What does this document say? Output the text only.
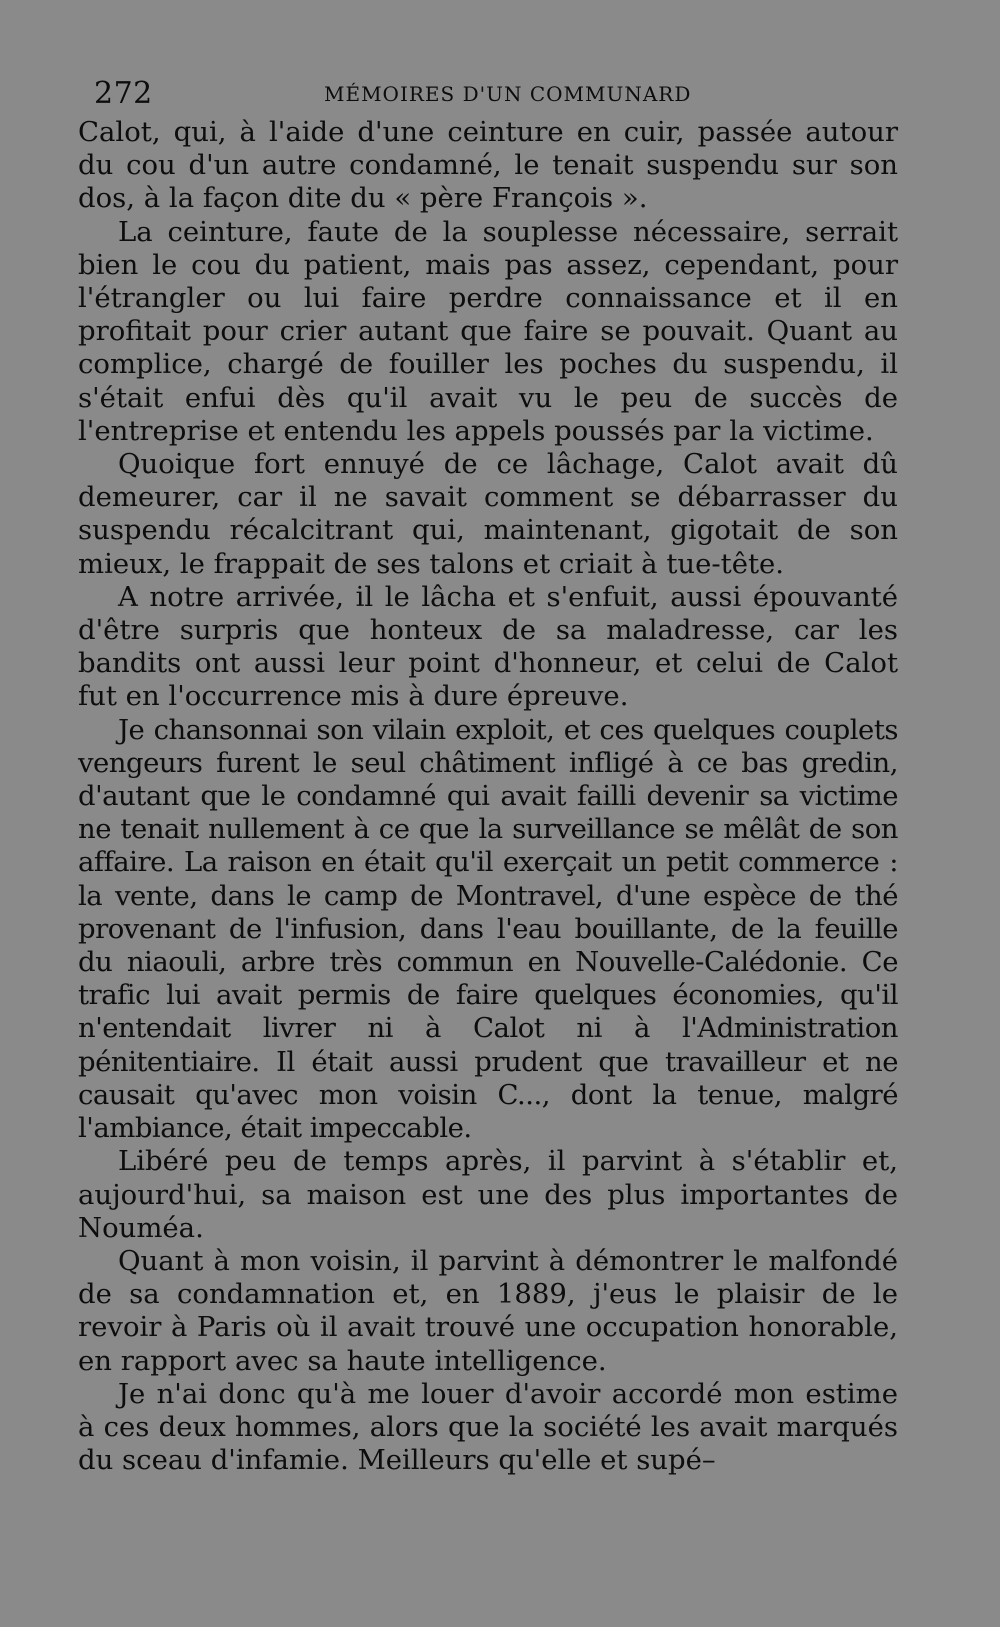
272	MÉMOIRES D'UN COMMUNARD

Calot, qui, à l'aide d'une ceinture en cuir, passée autour du cou d'un autre condamné, le tenait suspendu sur son dos, à la façon dite du « père François ».

La ceinture, faute de la souplesse nécessaire, serrait bien le cou du patient, mais pas assez, cependant, pour l'étrangler ou lui faire perdre connaissance et il en profitait pour crier autant que faire se pouvait. Quant au complice, chargé de fouiller les poches du suspendu, il s'était enfui dès qu'il avait vu le peu de succès de l'entreprise et entendu les appels poussés par la victime.

Quoique fort ennuyé de ce lâchage, Calot avait dû demeurer, car il ne savait comment se débarrasser du suspendu récalcitrant qui, maintenant, gigotait de son mieux, le frappait de ses talons et criait à tue-tête.

A notre arrivée, il le lâcha et s'enfuit, aussi épouvanté d'être surpris que honteux de sa maladresse, car les bandits ont aussi leur point d'honneur, et celui de Calot fut en l'occurrence mis à dure épreuve.

Je chansonnai son vilain exploit, et ces quelques couplets vengeurs furent le seul châtiment infligé à ce bas gredin, d'autant que le condamné qui avait failli devenir sa victime ne tenait nullement à ce que la surveillance se mêlât de son affaire. La raison en était qu'il exerçait un petit commerce : la vente, dans le camp de Montravel, d'une espèce de thé provenant de l'infusion, dans l'eau bouillante, de la feuille du niaouli, arbre très commun en Nouvelle-Calédonie. Ce trafic lui avait permis de faire quelques économies, qu'il n'entendait livrer ni à Calot ni à l'Administration pénitentiaire. Il était aussi prudent que travailleur et ne causait qu'avec mon voisin C..., dont la tenue, malgré l'ambiance, était impeccable.

Libéré peu de temps après, il parvint à s'établir et, aujourd'hui, sa maison est une des plus importantes de Nouméa.

Quant à mon voisin, il parvint à démontrer le malfondé de sa condamnation et, en 1889, j'eus le plaisir de le revoir à Paris où il avait trouvé une occupation honorable, en rapport avec sa haute intelligence.

Je n'ai donc qu'à me louer d'avoir accordé mon estime à ces deux hommes, alors que la société les avait marqués du sceau d'infamie. Meilleurs qu'elle et supé–
